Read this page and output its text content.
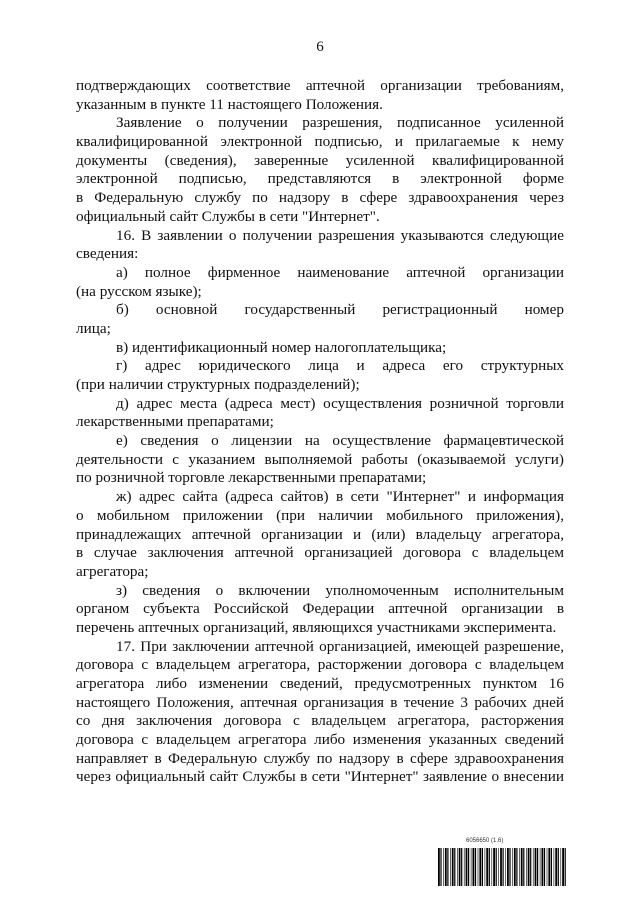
6
подтверждающих соответствие аптечной организации требованиям,
указанным в пункте 11 настоящего Положения.
Заявление о получении разрешения, подписанное усиленной
квалифицированной электронной подписью, и прилагаемые к нему
документы (сведения), заверенные усиленной квалифицированной
электронной подписью, представляются в электронной форме
в Федеральную службу по надзору в сфере здравоохранения через
официальный сайт Службы в сети "Интернет".
16. В заявлении о получении разрешения указываются следующие
сведения:
а) полное фирменное наименование аптечной организации
(на русском языке);
б) основной государственный регистрационный номер
лица;
в) идентификационный номер налогоплательщика;
г) адрес юридического лица и адреса его структурных
(при наличии структурных подразделений);
д) адрес места (адреса мест) осуществления розничной торговли
лекарственными препаратами;
е) сведения о лицензии на осуществление фармацевтической
деятельности с указанием выполняемой работы (оказываемой услуги)
по розничной торговле лекарственными препаратами;
ж) адрес сайта (адреса сайтов) в сети "Интернет" и информация
о мобильном приложении (при наличии мобильного приложения),
принадлежащих аптечной организации и (или) владельцу агрегатора,
в случае заключения аптечной организацией договора с владельцем
агрегатора;
з) сведения о включении уполномоченным исполнительным
органом субъекта Российской Федерации аптечной организации в
перечень аптечных организаций, являющихся участниками эксперимента.
17. При заключении аптечной организацией, имеющей разрешение,
договора с владельцем агрегатора, расторжении договора с владельцем
агрегатора либо изменении сведений, предусмотренных пунктом 16
настоящего Положения, аптечная организация в течение 3 рабочих дней
со дня заключения договора с владельцем агрегатора, расторжения
договора с владельцем агрегатора либо изменения указанных сведений
направляет в Федеральную службу по надзору в сфере здравоохранения
через официальный сайт Службы в сети "Интернет" заявление о внесении
6056650 (1.6)
